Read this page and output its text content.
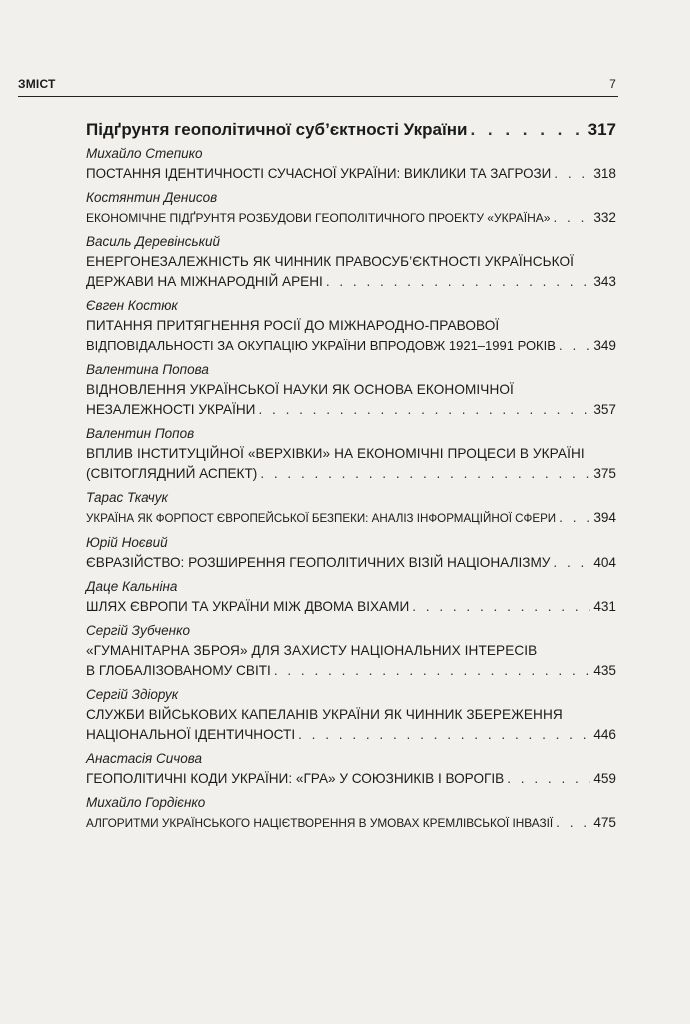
ЗМІСТ	7
Підґрунтя геополітичної суб’єктності України . . .	317
Михайло Степико
ПОСТАННЯ ІДЕНТИЧНОСТІ СУЧАСНОЇ УКРАЇНИ: ВИКЛИКИ ТА ЗАГРОЗИ . . .	318
Костянтин Денисов
ЕКОНОМІЧНЕ ПІДҐРУНТЯ РОЗБУДОВИ ГЕОПОЛІТИЧНОГО ПРОЕКТУ «УКРАЇНА» . . .	332
Василь Деревінський
ЕНЕРГОНЕЗАЛЕЖНІСТЬ ЯК ЧИННИК ПРАВОСУБ’ЄКТНОСТІ УКРАЇНСЬКОЇ
ДЕРЖАВИ НА МІЖНАРОДНІЙ АРЕНІ . . .	343
Євген Костюк
ПИТАННЯ ПРИТЯГНЕННЯ РОСІЇ ДО МІЖНАРОДНО-ПРАВОВОЇ
ВІДПОВІДАЛЬНОСТІ ЗА ОКУПАЦІЮ УКРАЇНИ ВПРОДОВЖ 1921–1991 РОКІВ . . .	349
Валентина Попова
ВІДНОВЛЕННЯ УКРАЇНСЬКОЇ НАУКИ ЯК ОСНОВА ЕКОНОМІЧНОЇ
НЕЗАЛЕЖНОСТІ УКРАЇНИ . . .	357
Валентин Попов
ВПЛИВ ІНСТИТУЦІЙНОЇ «ВЕРХІВКИ» НА ЕКОНОМІЧНІ ПРОЦЕСИ В УКРАЇНІ
(СВІТОГЛЯДНИЙ АСПЕКТ) . . .	375
Тарас Ткачук
УКРАЇНА ЯК ФОРПОСТ ЄВРОПЕЙСЬКОЇ БЕЗПЕКИ: АНАЛІЗ ІНФОРМАЦІЙНОЇ СФЕРИ . . .	394
Юрій Ноєвий
ЄВРАЗІЙСТВО: РОЗШИРЕННЯ ГЕОПОЛІТИЧНИХ ВІЗІЙ НАЦІОНАЛІЗМУ . . .	404
Даце Кальніна
ШЛЯХ ЄВРОПИ ТА УКРАЇНИ МІЖ ДВОМА ВІХАМИ . . .	431
Сергій Зубченко
«ГУМАНІТАРНА ЗБРОЯ» ДЛЯ ЗАХИСТУ НАЦІОНАЛЬНИХ ІНТЕРЕСІВ
В ГЛОБАЛІЗОВАНОМУ СВІТІ . . .	435
Сергій Здіорук
СЛУЖБИ ВІЙСЬКОВИХ КАПЕЛАНІВ УКРАЇНИ ЯК ЧИННИК ЗБЕРЕЖЕННЯ
НАЦІОНАЛЬНОЇ ІДЕНТИЧНОСТІ . . .	446
Анастасія Сичова
ГЕОПОЛІТИЧНІ КОДИ УКРАЇНИ: «ГРА» У СОЮЗНИКІВ І ВОРОГІВ . . .	459
Михайло Гордієнко
АЛГОРИТМИ УКРАЇНСЬКОГО НАЦІЄТВОРЕННЯ В УМОВАХ КРЕМЛІВСЬКОЇ ІНВАЗІЇ . . .	475
